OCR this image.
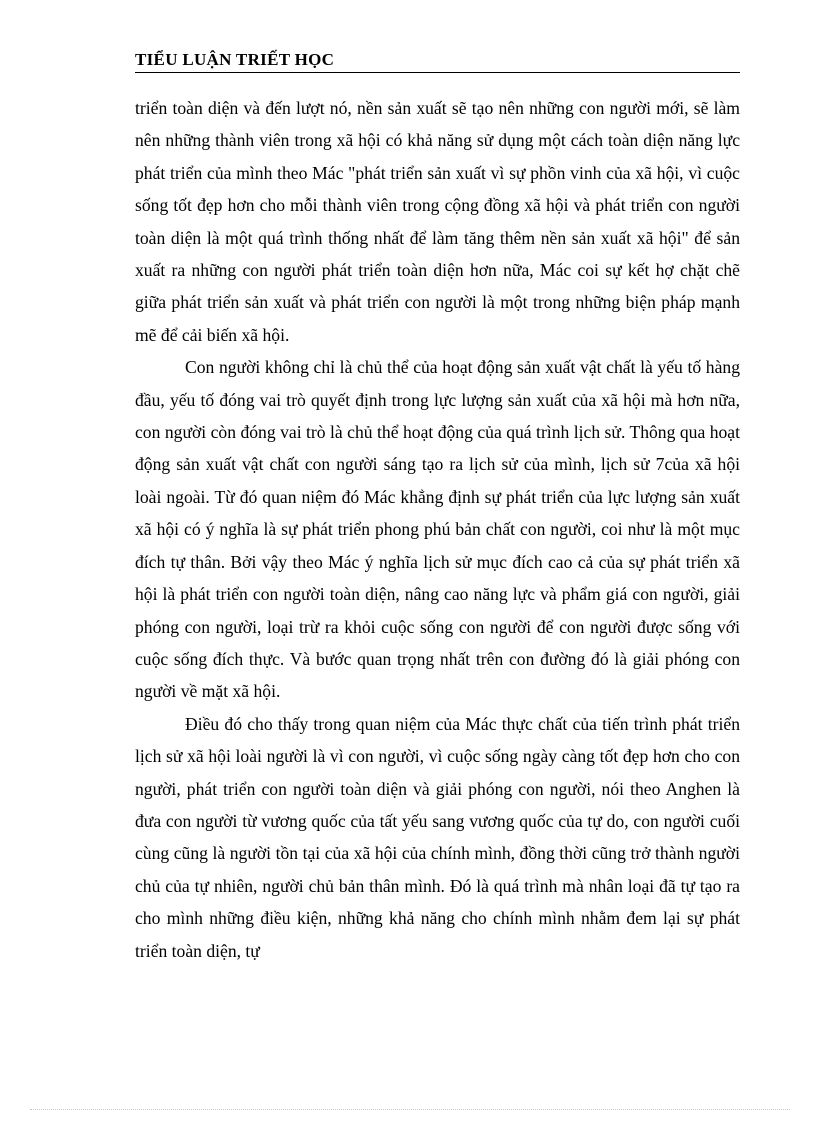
TIỂU LUẬN TRIẾT HỌC

triển toàn diện và đến lượt nó, nền sản xuất sẽ tạo nên những con người mới, sẽ làm nên những thành viên trong xã hội có khả năng sử dụng một cách toàn diện năng lực phát triển của mình theo Mác "phát triển sản xuất vì sự phồn vinh của xã hội, vì cuộc sống tốt đẹp hơn cho mỗi thành viên trong cộng đồng xã hội và phát triển con người toàn diện là một quá trình thống nhất để làm tăng thêm nền sản xuất xã hội" để sản xuất ra những con người phát triển toàn diện hơn nữa, Mác coi sự kết hợ chặt chẽ giữa phát triển sản xuất và phát triển con người là một trong những biện pháp mạnh mẽ để cải biến xã hội.

Con người không chỉ là chủ thể của hoạt động sản xuất vật chất là yếu tố hàng đầu, yếu tố đóng vai trò quyết định trong lực lượng sản xuất của xã hội mà hơn nữa, con người còn đóng vai trò là chủ thể hoạt động của quá trình lịch sử. Thông qua hoạt động sản xuất vật chất con người sáng tạo ra lịch sử của mình, lịch sử 7của xã hội loài ngoài. Từ đó quan niệm đó Mác khẳng định sự phát triển của lực lượng sản xuất xã hội có ý nghĩa là sự phát triển phong phú bản chất con người, coi như là một mục đích tự thân. Bởi vậy theo Mác ý nghĩa lịch sử mục đích cao cả của sự phát triển xã hội là phát triển con người toàn diện, nâng cao năng lực và phẩm giá con người, giải phóng con người, loại trừ ra khỏi cuộc sống con người để con người được sống với cuộc sống đích thực. Và bước quan trọng nhất trên con đường đó là giải phóng con người về mặt xã hội.

Điều đó cho thấy trong quan niệm của Mác thực chất của tiến trình phát triển lịch sử xã hội loài người là vì con người, vì cuộc sống ngày càng tốt đẹp hơn cho con người, phát triển con người toàn diện và giải phóng con người, nói theo Anghen là đưa con người từ vương quốc của tất yếu sang vương quốc của tự do, con người cuối cùng cũng là người tồn tại của xã hội của chính mình, đồng thời cũng trở thành người chủ của tự nhiên, người chủ bản thân mình. Đó là quá trình mà nhân loại đã tự tạo ra cho mình những điều kiện, những khả năng cho chính mình nhằm đem lại sự phát triển toàn diện, tự
